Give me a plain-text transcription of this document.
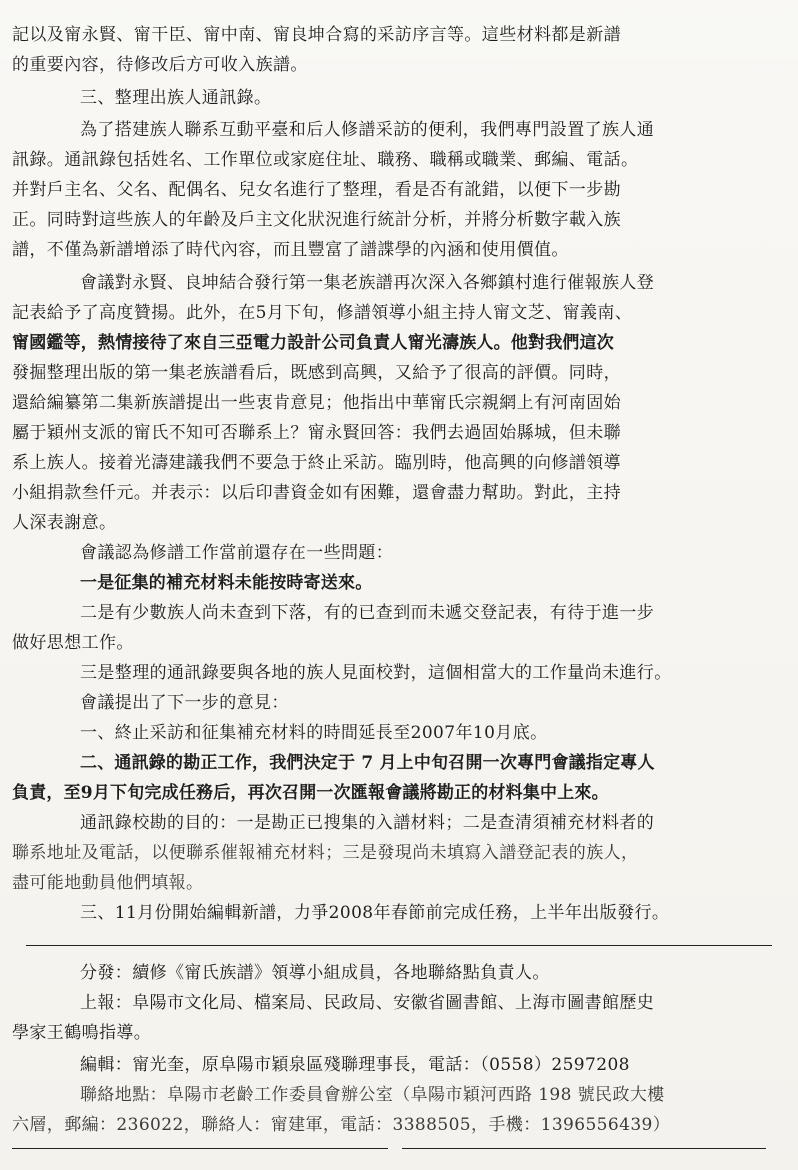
記以及甯永賢、甯干臣、甯中南、甯良坤合寫的采訪序言等。這些材料都是新譜
的重要內容，待修改后方可收入族譜。
三、整理出族人通訊錄。
為了搭建族人聯系互動平臺和后人修譜采訪的便利，我們專門設置了族人通
訊錄。通訊錄包括姓名、工作單位或家庭住址、職務、職稱或職業、郵編、電話。
并對戶主名、父名、配偶名、兒女名進行了整理，看是否有訛錯，以便下一步勘
正。同時對這些族人的年齡及戶主文化狀況進行統計分析，并將分析數字載入族
譜，不僅為新譜增添了時代內容，而且豐富了譜諜學的內涵和使用價值。
會議對永賢、良坤結合發行第一集老族譜再次深入各鄉鎮村進行催報族人登
記表給予了高度贊揚。此外，在5月下旬，修譜領導小組主持人甯文芝、甯義南、
甯國鑑等，熱情接待了來自三亞電力設計公司負責人甯光濤族人。他對我們這次
發掘整理出版的第一集老族譜看后，既感到高興，又給予了很高的評價。同時，
還給編纂第二集新族譜提出一些衷肯意見；他指出中華甯氏宗親網上有河南固始
屬于穎州支派的甯氏不知可否聯系上？甯永賢回答：我們去過固始縣城，但未聯
系上族人。接着光濤建議我們不要急于終止采訪。臨別時，他高興的向修譜領導
小組捐款叁仟元。并表示：以后印書資金如有困難，還會盡力幫助。對此，主持
人深表謝意。
會議認為修譜工作當前還存在一些問題：
一是征集的補充材料未能按時寄送來。
二是有少數族人尚未查到下落，有的已查到而未遞交登記表，有待于進一步
做好思想工作。
三是整理的通訊錄要與各地的族人見面校對，這個相當大的工作量尚未進行。
會議提出了下一步的意見：
一、終止采訪和征集補充材料的時間延長至2007年10月底。
二、通訊錄的勘正工作，我們決定于 7 月上中旬召開一次專門會議指定專人
負責，至9月下旬完成任務后，再次召開一次匯報會議將勘正的材料集中上來。
通訊錄校勘的目的：一是勘正已搜集的入譜材料；二是查清須補充材料者的
聯系地址及電話，以便聯系催報補充材料；三是發現尚未填寫入譜登記表的族人，
盡可能地動員他們填報。
三、11月份開始編輯新譜，力爭2008年春節前完成任務，上半年出版發行。
分發：續修《甯氏族譜》領導小組成員，各地聯絡點負責人。
上報：阜陽市文化局、檔案局、民政局、安徽省圖書館、上海市圖書館歷史
學家王鶴鳴指導。
編輯：甯光奎，原阜陽市穎泉區殘聯理事長，電話：（0558）2597208
聯絡地點：阜陽市老齡工作委員會辦公室（阜陽市穎河西路 198 號民政大樓
六層，郵編：236022，聯絡人：甯建軍，電話：3388505，手機：1396556439）
